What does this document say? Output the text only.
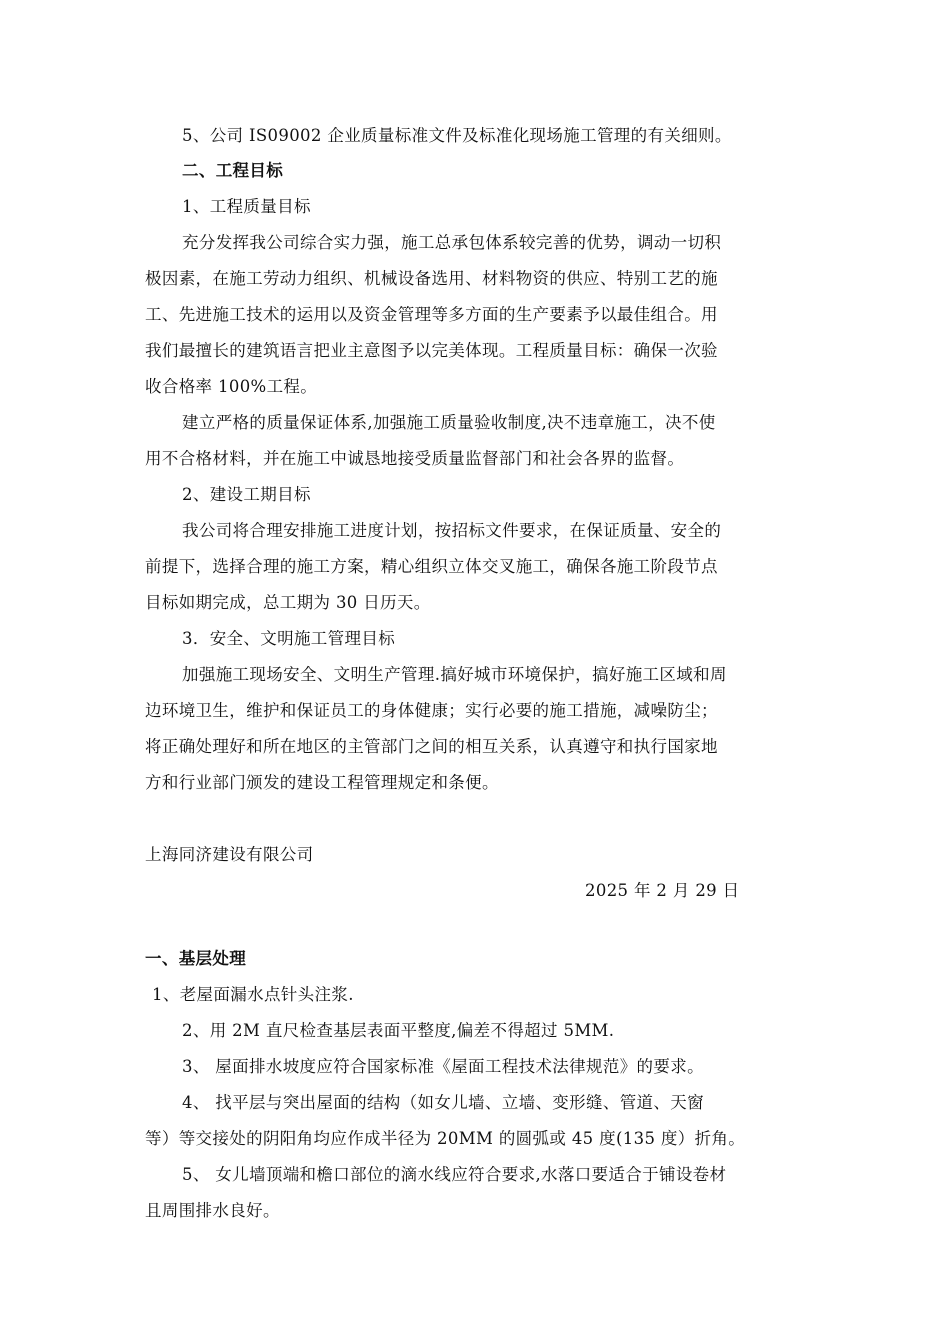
5、公司 IS09002 企业质量标准文件及标准化现场施工管理的有关细则。
二、工程目标
1、工程质量目标
充分发挥我公司综合实力强，施工总承包体系较完善的优势，调动一切积
极因素，在施工劳动力组织、机械设备选用、材料物资的供应、特别工艺的施
工、先进施工技术的运用以及资金管理等多方面的生产要素予以最佳组合。用
我们最擅长的建筑语言把业主意图予以完美体现。工程质量目标：确保一次验
收合格率 100%工程。
建立严格的质量保证体系,加强施工质量验收制度,决不违章施工，决不使
用不合格材料，并在施工中诚恳地接受质量监督部门和社会各界的监督。
2、建设工期目标
我公司将合理安排施工进度计划，按招标文件要求，在保证质量、安全的
前提下，选择合理的施工方案，精心组织立体交叉施工，确保各施工阶段节点
目标如期完成，总工期为 30 日历天。
3．安全、文明施工管理目标
加强施工现场安全、文明生产管理.搞好城市环境保护，搞好施工区域和周
边环境卫生，维护和保证员工的身体健康；实行必要的施工措施，减噪防尘；
将正确处理好和所在地区的主管部门之间的相互关系，认真遵守和执行国家地
方和行业部门颁发的建设工程管理规定和条便。
上海同济建设有限公司
2025 年 2 月 29 日
一、基层处理
1、老屋面漏水点针头注浆.
2、用 2M 直尺检查基层表面平整度,偏差不得超过 5MM.
3、 屋面排水坡度应符合国家标准《屋面工程技术法律规范》的要求。
4、 找平层与突出屋面的结构（如女儿墙、立墙、变形缝、管道、天窗
等）等交接处的阴阳角均应作成半径为 20MM 的圆弧或 45 度(135 度）折角。
5、 女儿墙顶端和檐口部位的滴水线应符合要求,水落口要适合于铺设卷材
且周围排水良好。
